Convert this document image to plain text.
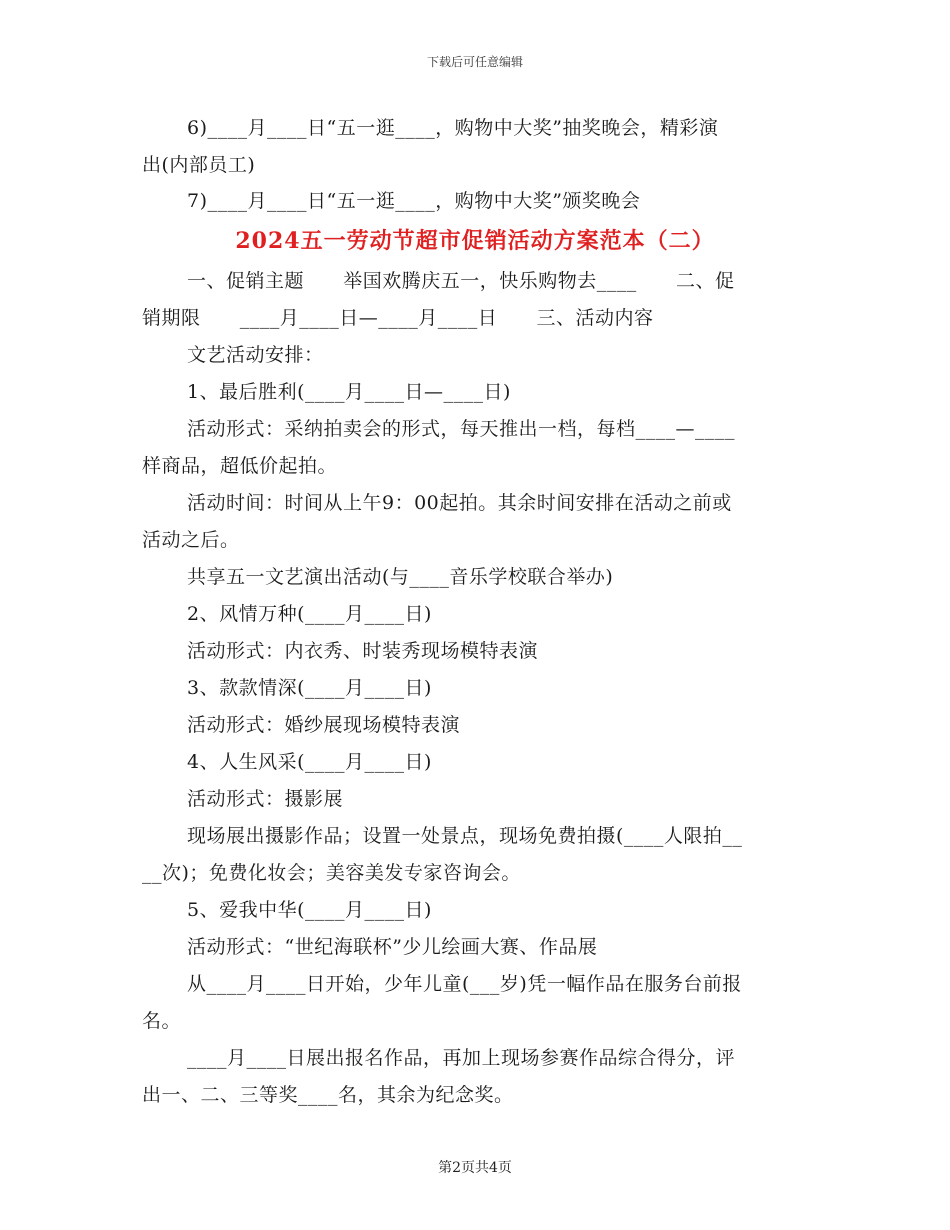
下载后可任意编辑
6)____月____日“五一逛____，购物中大奖”抽奖晚会，精彩演
出(内部员工)
7)____月____日“五一逛____，购物中大奖”颁奖晚会
2024五一劳动节超市促销活动方案范本（二）
一、促销主题      举国欢腾庆五一，快乐购物去____      二、促
销期限      ____月____日—____月____日      三、活动内容
文艺活动安排：
1、最后胜利(____月____日—____日)
活动形式：采纳拍卖会的形式，每天推出一档，每档____—____
样商品，超低价起拍。
活动时间：时间从上午9：00起拍。其余时间安排在活动之前或
活动之后。
共享五一文艺演出活动(与____音乐学校联合举办)
2、风情万种(____月____日)
活动形式：内衣秀、时装秀现场模特表演
3、款款情深(____月____日)
活动形式：婚纱展现场模特表演
4、人生风采(____月____日)
活动形式：摄影展
现场展出摄影作品；设置一处景点，现场免费拍摄(____人限拍__
__次)；免费化妆会；美容美发专家咨询会。
5、爱我中华(____月____日)
活动形式：“世纪海联杯”少儿绘画大赛、作品展
从____月____日开始，少年儿童(___岁)凭一幅作品在服务台前报
名。
____月____日展出报名作品，再加上现场参赛作品综合得分，评
出一、二、三等奖____名，其余为纪念奖。
第2页共4页
